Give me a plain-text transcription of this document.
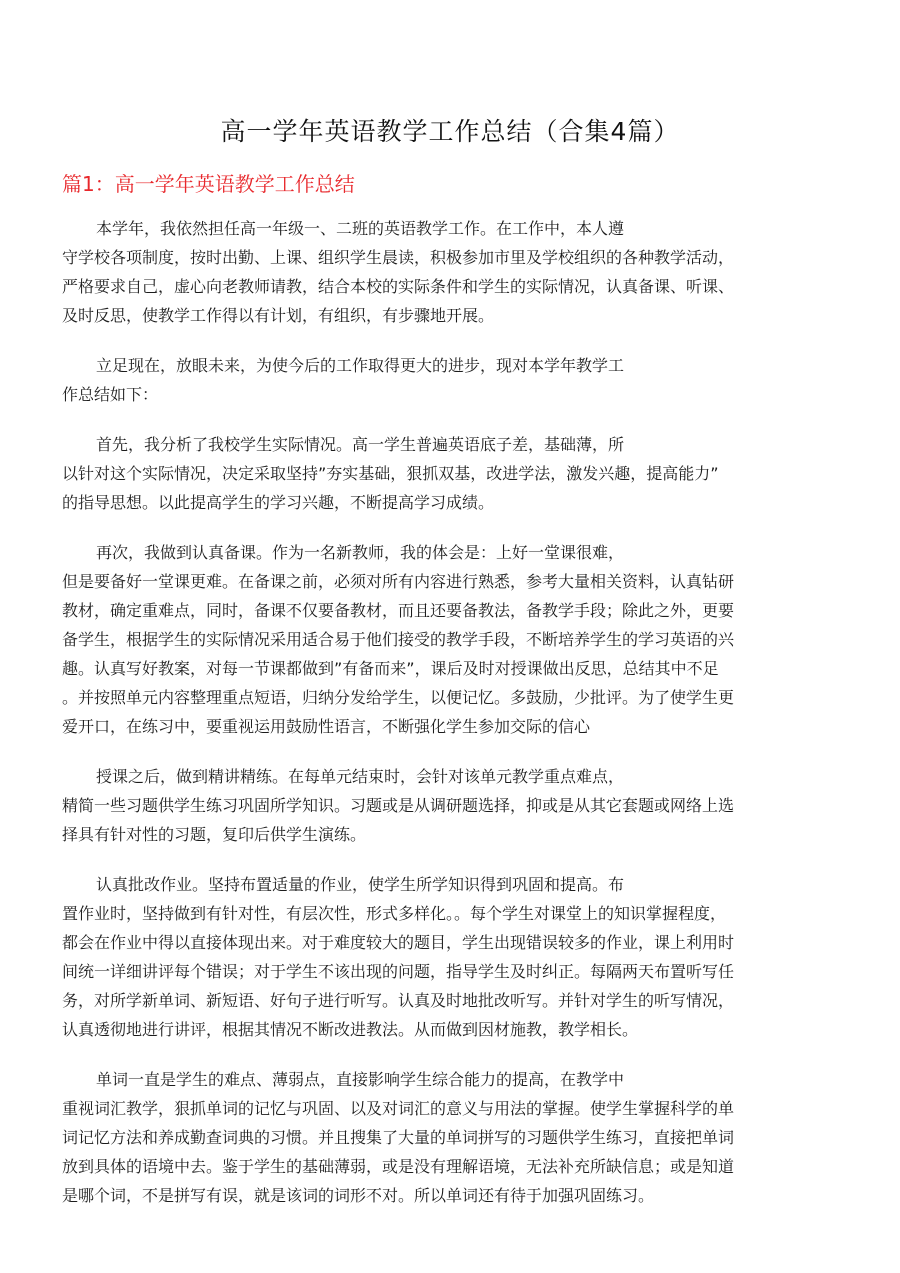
高一学年英语教学工作总结（合集4篇）
篇1：高一学年英语教学工作总结
本学年，我依然担任高一年级一、二班的英语教学工作。在工作中，本人遵
守学校各项制度，按时出勤、上课、组织学生晨读，积极参加市里及学校组织的各种教学活动，
严格要求自己，虚心向老教师请教，结合本校的实际条件和学生的实际情况，认真备课、听课、
及时反思，使教学工作得以有计划，有组织，有步骤地开展。
立足现在，放眼未来，为使今后的工作取得更大的进步，现对本学年教学工
作总结如下：
首先，我分析了我校学生实际情况。高一学生普遍英语底子差，基础薄，所
以针对这个实际情况，决定采取坚持”夯实基础，狠抓双基，改进学法，激发兴趣，提高能力”
的指导思想。以此提高学生的学习兴趣，不断提高学习成绩。
再次，我做到认真备课。作为一名新教师，我的体会是：上好一堂课很难，
但是要备好一堂课更难。在备课之前，必须对所有内容进行熟悉，参考大量相关资料，认真钻研
教材，确定重难点，同时，备课不仅要备教材，而且还要备教法，备教学手段；除此之外，更要
备学生，根据学生的实际情况采用适合易于他们接受的教学手段，不断培养学生的学习英语的兴
趣。认真写好教案，对每一节课都做到”有备而来”，课后及时对授课做出反思，总结其中不足
。并按照单元内容整理重点短语，归纳分发给学生，以便记忆。多鼓励，少批评。为了使学生更
爱开口，在练习中，要重视运用鼓励性语言，不断强化学生参加交际的信心
授课之后，做到精讲精练。在每单元结束时，会针对该单元教学重点难点，
精简一些习题供学生练习巩固所学知识。习题或是从调研题选择，抑或是从其它套题或网络上选
择具有针对性的习题，复印后供学生演练。
认真批改作业。坚持布置适量的作业，使学生所学知识得到巩固和提高。布
置作业时，坚持做到有针对性，有层次性，形式多样化。。每个学生对课堂上的知识掌握程度，
都会在作业中得以直接体现出来。对于难度较大的题目，学生出现错误较多的作业，课上利用时
间统一详细讲评每个错误；对于学生不该出现的问题，指导学生及时纠正。每隔两天布置听写任
务，对所学新单词、新短语、好句子进行听写。认真及时地批改听写。并针对学生的听写情况，
认真透彻地进行讲评，根据其情况不断改进教法。从而做到因材施教，教学相长。
单词一直是学生的难点、薄弱点，直接影响学生综合能力的提高，在教学中
重视词汇教学，狠抓单词的记忆与巩固、以及对词汇的意义与用法的掌握。使学生掌握科学的单
词记忆方法和养成勤查词典的习惯。并且搜集了大量的单词拼写的习题供学生练习，直接把单词
放到具体的语境中去。鉴于学生的基础薄弱，或是没有理解语境，无法补充所缺信息；或是知道
是哪个词，不是拼写有误，就是该词的词形不对。所以单词还有待于加强巩固练习。
